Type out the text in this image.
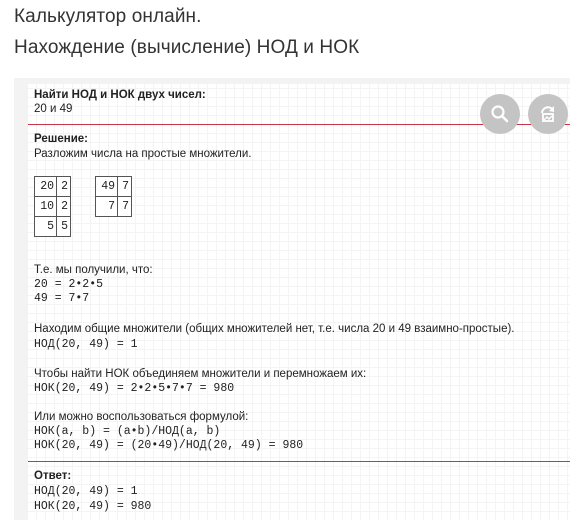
Калькулятор онлайн.
Нахождение (вычисление) НОД и НОК
Найти НОД и НОК двух чисел:
20 и 49
Решение:
Разложим числа на простые множители.
20	2
10	2
5	5
49	7
7	7
Т.е. мы получили, что:
20 = 2•2•5
49 = 7•7
Находим общие множители (общих множителей нет, т.е. числа 20 и 49 взаимно-простые).
НОД(20, 49) = 1
Чтобы найти НОК объединяем множители и перемножаем их:
НОК(20, 49) = 2•2•5•7•7 = 980
Или можно воспользоваться формулой:
НОК(a, b) = (a•b)/НОД(a, b)
НОК(20, 49) = (20•49)/НОД(20, 49) = 980
Ответ:
НОД(20, 49) = 1
НОК(20, 49) = 980
